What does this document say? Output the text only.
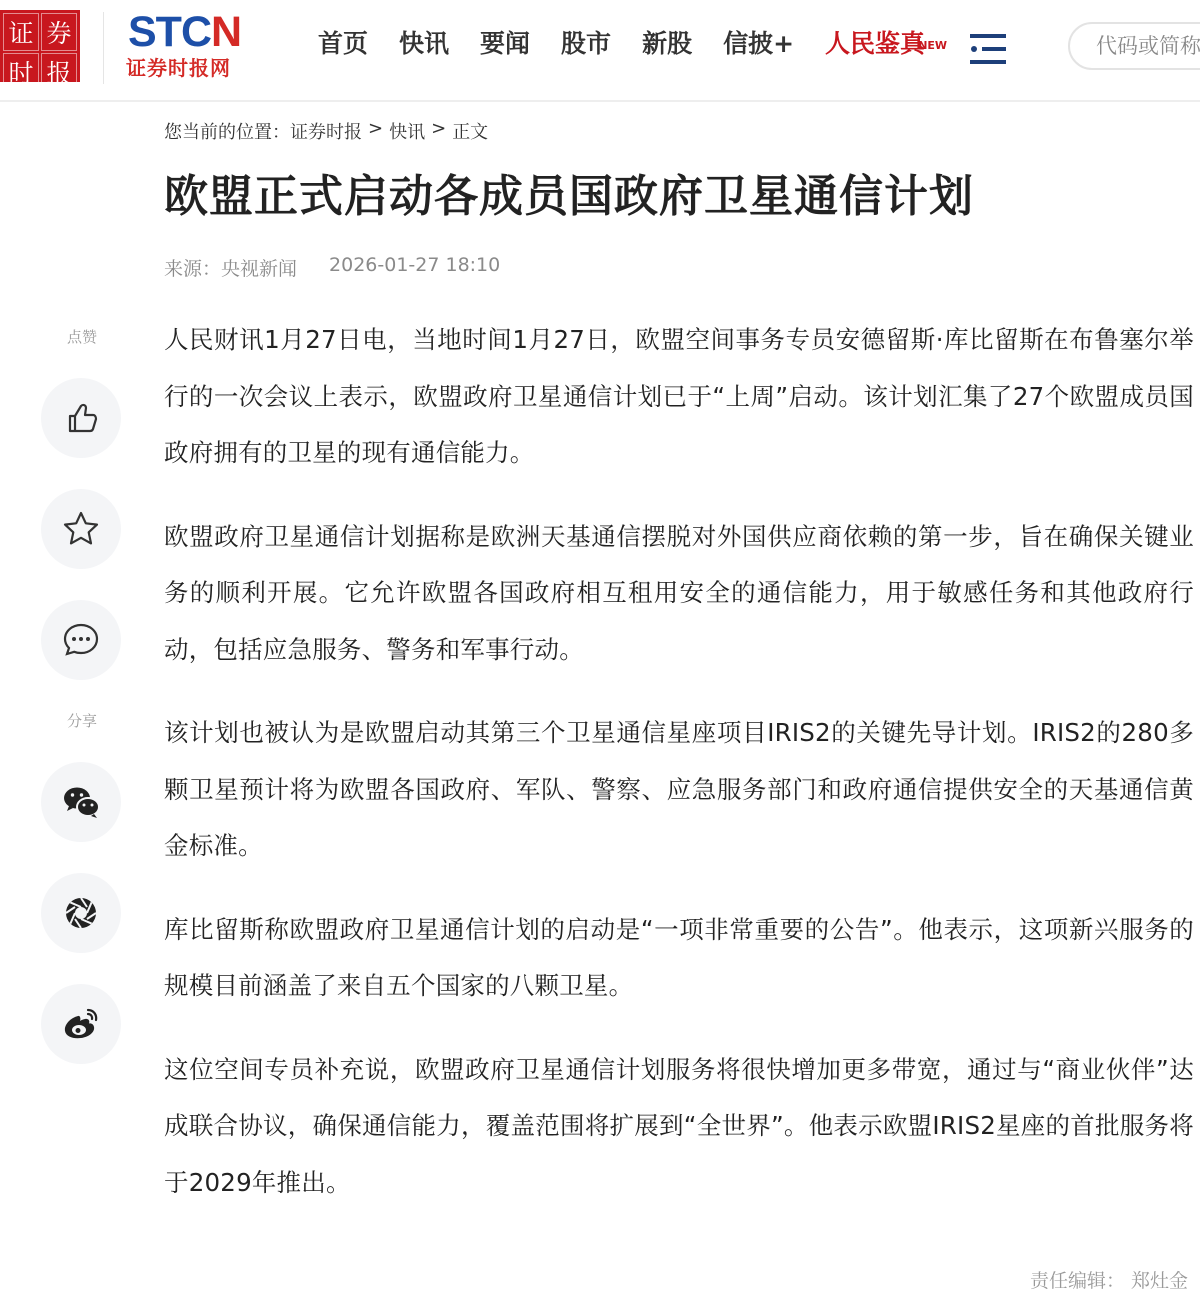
证 券
时 报
STCN
证券时报网
首页 快讯 要闻 股市 新股 信披+ 人民鉴真
NEW
代码或简称
您当前的位置： 证券时报 > 快讯 > 正文
欧盟正式启动各成员国政府卫星通信计划
来源：央视新闻 2026-01-27 18:10
点赞
分享

人民财讯1月27日电，当地时间1月27日，欧盟空间事务专员安德留斯·库比留斯在布鲁塞尔举行的一次会议上表示，欧盟政府卫星通信计划已于“上周”启动。该计划汇集了27个欧盟成员国政府拥有的卫星的现有通信能力。

欧盟政府卫星通信计划据称是欧洲天基通信摆脱对外国供应商依赖的第一步，旨在确保关键业务的顺利开展。它允许欧盟各国政府相互租用安全的通信能力，用于敏感任务和其他政府行动，包括应急服务、警务和军事行动。

该计划也被认为是欧盟启动其第三个卫星通信星座项目IRIS2的关键先导计划。IRIS2的280多颗卫星预计将为欧盟各国政府、军队、警察、应急服务部门和政府通信提供安全的天基通信黄金标准。

库比留斯称欧盟政府卫星通信计划的启动是“一项非常重要的公告”。他表示，这项新兴服务的规模目前涵盖了来自五个国家的八颗卫星。

这位空间专员补充说，欧盟政府卫星通信计划服务将很快增加更多带宽，通过与“商业伙伴”达成联合协议，确保通信能力，覆盖范围将扩展到“全世界”。他表示欧盟IRIS2星座的首批服务将于2029年推出。

责任编辑： 郑灶金
